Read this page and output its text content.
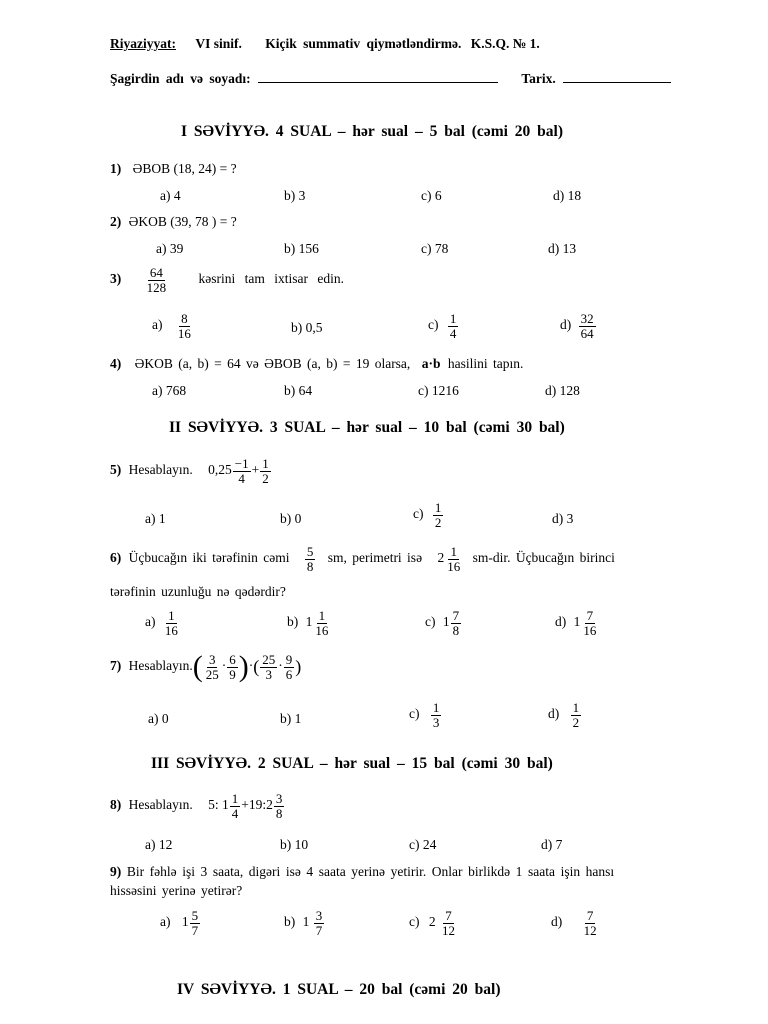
Riyaziyyat: VI sinif. Kiçik summativ qiymətləndirmə. K.S.Q. № 1.
Şagirdin adı və soyadı:	Tarix.
I SƏVİYYƏ. 4 SUAL – hər sual – 5 bal (cəmi 20 bal)
1) ƏBOB (18, 24) = ?
a) 4	b) 3	c) 6	d) 18
2) ƏKOB (39, 78 ) = ?
a) 39	b) 156	c) 78	d) 13
$3) \frac{64}{128}$ kəsrini tam ixtisar edin.
$a) \frac{8}{16}$	b) 0,5	$c) \frac{1}{4}$	$d) \frac{32}{64}$
4) ƏKOB (a, b) = 64 və ƏBOB (a, b) = 19 olarsa, a·b hasilini tapın.
a) 768	b) 64	c) 1216	d) 128
II SƏVİYYƏ. 3 SUAL – hər sual – 10 bal (cəmi 30 bal)
5) Hesablayın. $0,25 \frac{-1}{4} + \frac{1}{2}$
a) 1	b) 0	$c) \frac{1}{2}$	d) 3
6) Üçbucağın iki tərəfinin cəmi $\frac{5}{8}$ sm, perimetri isə $2 \frac{1}{16} sm-dir$. Üçbucağın birinci
tərəfinin uzunluğu nə qədərdir?
$a) \frac{1}{16}$	b) $1 \frac{1}{16}$	c) $1 \frac{7}{8}$	d) $1 \frac{7}{16}$
7) Hesablayın.( $\frac{3}{25} \cdot \frac{6}{9}$ )·( $\frac{25}{3} \cdot \frac{9}{6}$ )
a) 0	b) 1	$c) \frac{1}{3}$	$d) \frac{1}{2}$
III SƏVİYYƏ. 2 SUAL – hər sual – 15 bal (cəmi 30 bal)
8) Hesablayın. 5: $1 \frac{1}{4}$ +19:2 $\frac{3}{8}$
a) 12	b) 10	c) 24	d) 7
9) Bir fəhlə işi 3 saata, digəri isə 4 saata yerinə yetirir. Onlar birlikdə 1 saata işin hansı
hissəsini yerinə yetirər?
a) $1 \frac{5}{7}$	b) $1 \frac{3}{7}$	c) $2 \frac{7}{12}$	$d) \frac{7}{12}$
IV SƏVİYYƏ. 1 SUAL – 20 bal (cəmi 20 bal)
